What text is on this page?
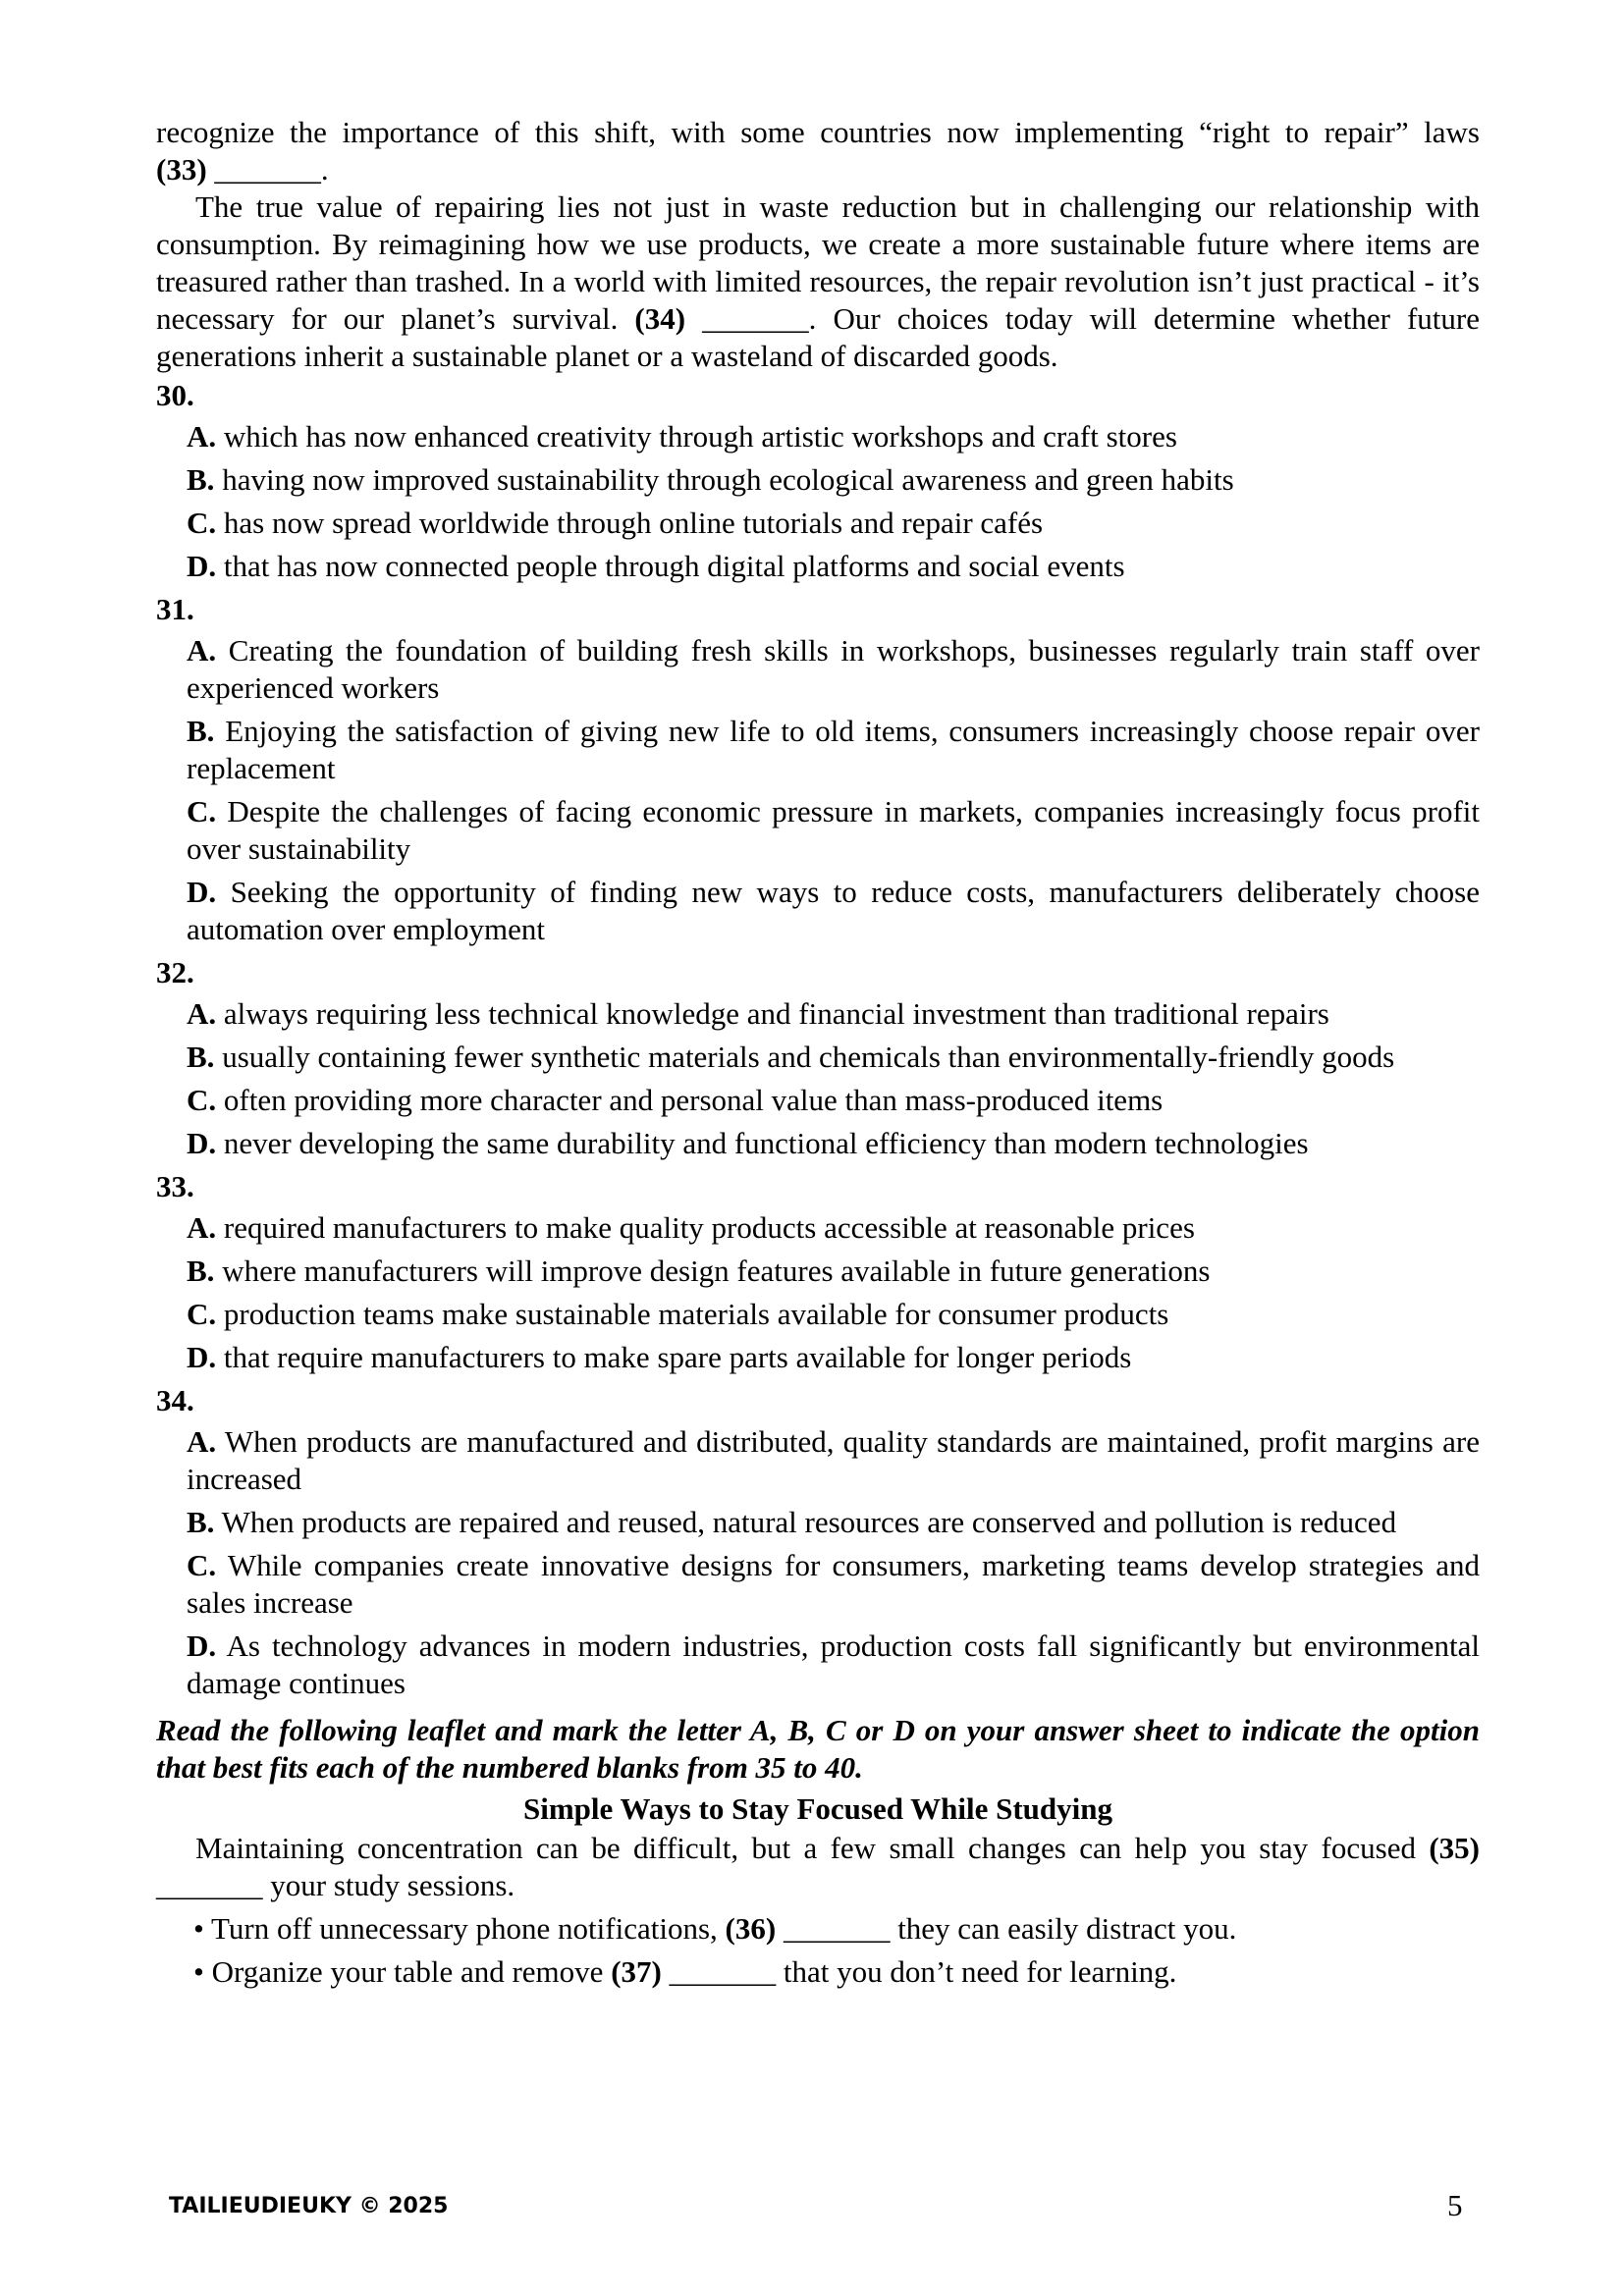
recognize the importance of this shift, with some countries now implementing “right to repair” laws
(33) _______.
The true value of repairing lies not just in waste reduction but in challenging our relationship with consumption. By reimagining how we use products, we create a more sustainable future where items are treasured rather than trashed. In a world with limited resources, the repair revolution isn’t just practical - it’s necessary for our planet’s survival. (34) _______. Our choices today will determine whether future generations inherit a sustainable planet or a wasteland of discarded goods.
30.
A. which has now enhanced creativity through artistic workshops and craft stores
B. having now improved sustainability through ecological awareness and green habits
C. has now spread worldwide through online tutorials and repair cafés
D. that has now connected people through digital platforms and social events
31.
A. Creating the foundation of building fresh skills in workshops, businesses regularly train staff over experienced workers
B. Enjoying the satisfaction of giving new life to old items, consumers increasingly choose repair over replacement
C. Despite the challenges of facing economic pressure in markets, companies increasingly focus profit over sustainability
D. Seeking the opportunity of finding new ways to reduce costs, manufacturers deliberately choose automation over employment
32.
A. always requiring less technical knowledge and financial investment than traditional repairs
B. usually containing fewer synthetic materials and chemicals than environmentally-friendly goods
C. often providing more character and personal value than mass-produced items
D. never developing the same durability and functional efficiency than modern technologies
33.
A. required manufacturers to make quality products accessible at reasonable prices
B. where manufacturers will improve design features available in future generations
C. production teams make sustainable materials available for consumer products
D. that require manufacturers to make spare parts available for longer periods
34.
A. When products are manufactured and distributed, quality standards are maintained, profit margins are increased
B. When products are repaired and reused, natural resources are conserved and pollution is reduced
C. While companies create innovative designs for consumers, marketing teams develop strategies and sales increase
D. As technology advances in modern industries, production costs fall significantly but environmental damage continues
Read the following leaflet and mark the letter A, B, C or D on your answer sheet to indicate the option that best fits each of the numbered blanks from 35 to 40.
Simple Ways to Stay Focused While Studying
Maintaining concentration can be difficult, but a few small changes can help you stay focused (35) _______ your study sessions.
• Turn off unnecessary phone notifications, (36) _______ they can easily distract you.
• Organize your table and remove (37) _______ that you don’t need for learning.
TAILIEUDIEUKY © 2025	5
